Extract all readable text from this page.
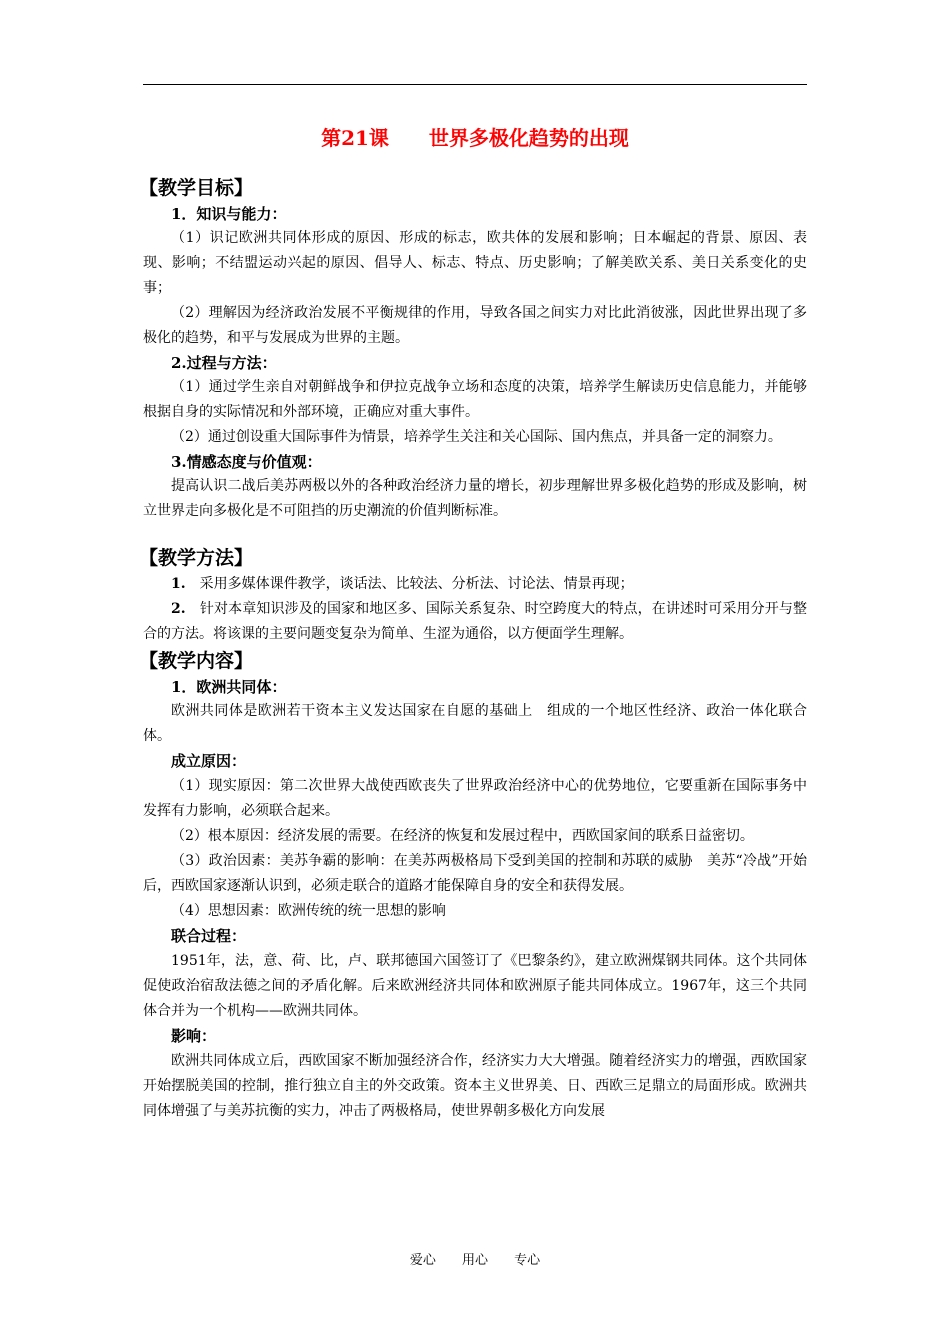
第21课　　世界多极化趋势的出现
【教学目标】
1．知识与能力：
（1）识记欧洲共同体形成的原因、形成的标志，欧共体的发展和影响；日本崛起的背景、原因、表现、影响；不结盟运动兴起的原因、倡导人、标志、特点、历史影响；了解美欧关系、美日关系变化的史事；
（2）理解因为经济政治发展不平衡规律的作用，导致各国之间实力对比此消彼涨，因此世界出现了多极化的趋势，和平与发展成为世界的主题。
2.过程与方法：
（1）通过学生亲自对朝鲜战争和伊拉克战争立场和态度的决策，培养学生解读历史信息能力，并能够根据自身的实际情况和外部环境，正确应对重大事件。
（2）通过创设重大国际事件为情景，培养学生关注和关心国际、国内焦点，并具备一定的洞察力。
3.情感态度与价值观：
提高认识二战后美苏两极以外的各种政治经济力量的增长，初步理解世界多极化趋势的形成及影响，树立世界走向多极化是不可阻挡的历史潮流的价值判断标准。
【教学方法】
1.　 采用多媒体课件教学，谈话法、比较法、分析法、讨论法、情景再现；
2.　 针对本章知识涉及的国家和地区多、国际关系复杂、时空跨度大的特点，在讲述时可采用分开与整合的方法。将该课的主要问题变复杂为简单、生涩为通俗，以方便面学生理解。
【教学内容】
1．欧洲共同体：
欧洲共同体是欧洲若干资本主义发达国家在自愿的基础上　组成的一个地区性经济、政治一体化联合体。
成立原因：
（1）现实原因：第二次世界大战使西欧丧失了世界政治经济中心的优势地位，它要重新在国际事务中发挥有力影响，必须联合起来。
（2）根本原因：经济发展的需要。在经济的恢复和发展过程中，西欧国家间的联系日益密切。
（3）政治因素：美苏争霸的影响：在美苏两极格局下受到美国的控制和苏联的威胁　美苏“冷战”开始后，西欧国家逐渐认识到，必须走联合的道路才能保障自身的安全和获得发展。
（4）思想因素：欧洲传统的统一思想的影响
联合过程：
1951年，法，意、荷、比，卢、联邦德国六国签订了《巴黎条约》，建立欧洲煤钢共同体。这个共同体促使政治宿敌法德之间的矛盾化解。后来欧洲经济共同体和欧洲原子能共同体成立。1967年，这三个共同体合并为一个机构——欧洲共同体。
影响：
欧洲共同体成立后，西欧国家不断加强经济合作，经济实力大大增强。随着经济实力的增强，西欧国家开始摆脱美国的控制，推行独立自主的外交政策。资本主义世界美、日、西欧三足鼎立的局面形成。欧洲共同体增强了与美苏抗衡的实力，冲击了两极格局，使世界朝多极化方向发展
爱心 用心 专心
